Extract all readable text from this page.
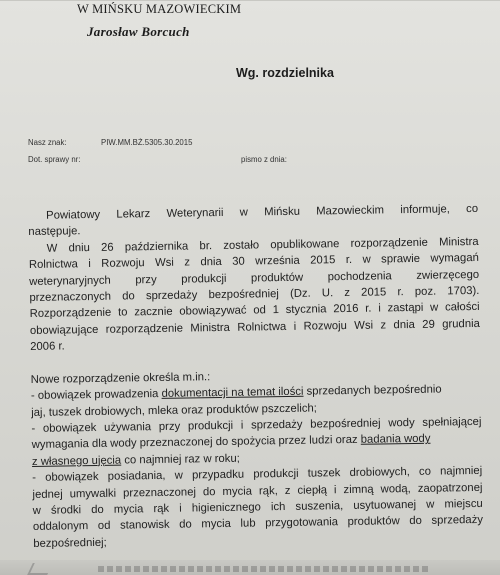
W MIŃSKU MAZOWIECKIM
Jarosław Borcuch
Wg. rozdzielnika
Nasz znak:	PIW.MM.BŻ.5305.30.2015
Dot. sprawy nr:	pismo z dnia:
Powiatowy Lekarz Weterynarii w Mińsku Mazowieckim informuje, co
następuje.
W dniu 26 października br. zostało opublikowane rozporządzenie Ministra
Rolnictwa i Rozwoju Wsi z dnia 30 września 2015 r. w sprawie wymagań
weterynaryjnych przy produkcji produktów pochodzenia zwierzęcego
przeznaczonych do sprzedaży bezpośredniej (Dz. U. z 2015 r. poz. 1703).
Rozporządzenie to zacznie obowiązywać od 1 stycznia 2016 r. i zastąpi w całości
obowiązujące rozporządzenie Ministra Rolnictwa i Rozwoju Wsi z dnia 29 grudnia
2006 r.
Nowe rozporządzenie określa m.in.:
- obowiązek prowadzenia dokumentacji na temat ilości sprzedanych bezpośrednio
jaj, tuszek drobiowych, mleka oraz produktów pszczelich;
- obowiązek używania przy produkcji i sprzedaży bezpośredniej wody spełniającej
wymagania dla wody przeznaczonej do spożycia przez ludzi oraz badania wody
z własnego ujęcia co najmniej raz w roku;
- obowiązek posiadania, w przypadku produkcji tuszek drobiowych, co najmniej
jednej umywalki przeznaczonej do mycia rąk, z ciepłą i zimną wodą, zaopatrzonej
w środki do mycia rąk i higienicznego ich suszenia, usytuowanej w miejscu
oddalonym od stanowisk do mycia lub przygotowania produktów do sprzedaży
bezpośredniej;
